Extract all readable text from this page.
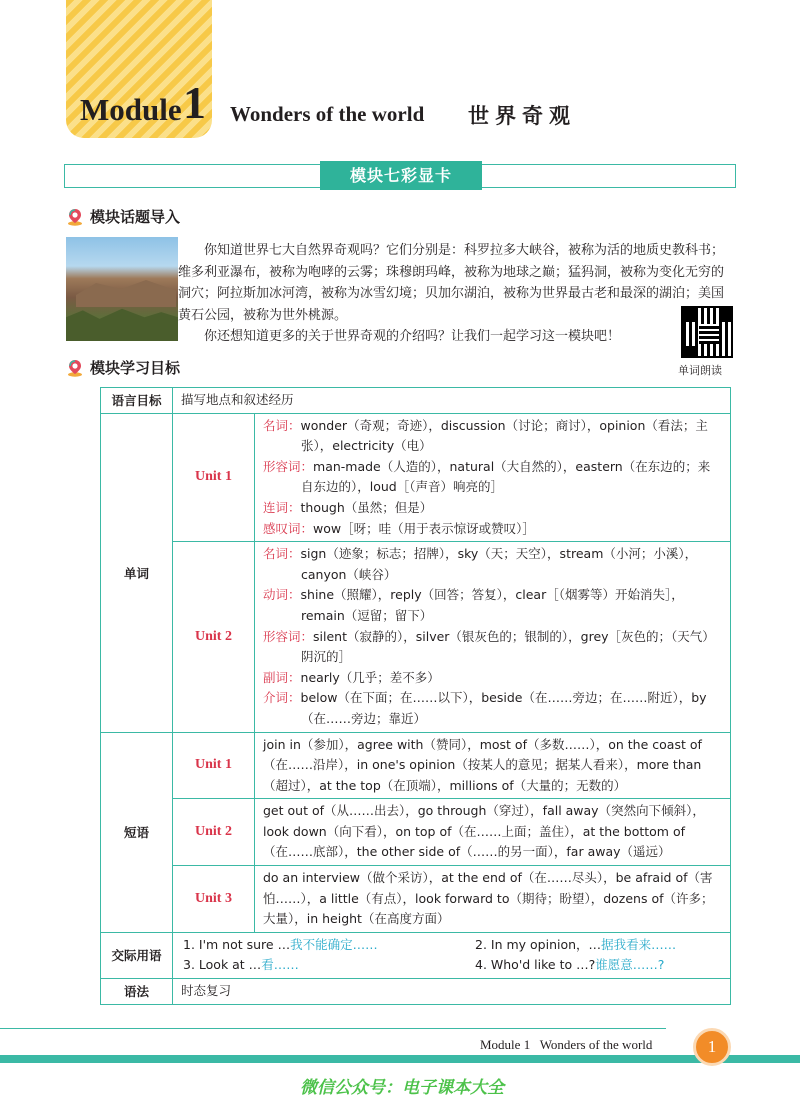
Module 1 Wonders of the world 世界奇观
模块七彩显卡
模块话题导入

你知道世界七大自然界奇观吗？它们分别是：科罗拉多大峡谷，被称为活的地质史教科书；维多利亚瀑布，被称为咆哮的云雾；珠穆朗玛峰，被称为地球之巅；猛犸洞，被称为变化无穷的洞穴；阿拉斯加冰河湾，被称为冰雪幻境；贝加尔湖泊，被称为世界最古老和最深的湖泊；美国黄石公园，被称为世外桃源。

你还想知道更多的关于世界奇观的介绍吗？让我们一起学习这一模块吧！

单词朗读
模块学习目标
语言目标	描写地点和叙述经历	
单词	Unit 1	名词：wonder（奇观；奇迹），discussion（讨论；商讨），opinion（看法；主张），electricity（电）
形容词：man-made（人造的），natural（大自然的），eastern（在东边的；来自东边的），loud［（声音）响亮的］
连词：though（虽然；但是）
感叹词：wow［呀；哇（用于表示惊讶或赞叹）］

	Unit 2	名词：sign（迹象；标志；招牌），sky（天；天空），stream（小河；小溪），canyon（峡谷）
动词：shine（照耀），reply（回答；答复），clear［（烟雾等）开始消失］，remain（逗留；留下）
形容词：silent（寂静的），silver（银灰色的；银制的），grey［灰色的；（天气）阴沉的］
副词：nearly（几乎；差不多）
介词：below（在下面；在……以下），beside（在……旁边；在……附近），by（在……旁边；靠近）

短语	Unit 1	join in（参加），agree with（赞同），most of（多数……），on the coast of（在……沿岸），in one's opinion（按某人的意见；据某人看来），more than（超过），at the top（在顶端），millions of（大量的；无数的）
	Unit 2	get out of（从……出去），go through（穿过），fall away（突然向下倾斜），look down（向下看），on top of（在……上面；盖住），at the bottom of（在……底部），the other side of（……的另一面），far away（遥远）
	Unit 3	do an interview（做个采访），at the end of（在……尽头），be afraid of（害怕……），a little（有点），look forward to（期待；盼望），dozens of（许多；大量），in height（在高度方面）
交际用语	1. I'm not sure …我不能确定…… 2. In my opinion，…据我看来……
3. Look at …看…… 4. Who'd like to …?谁愿意……?	

语法	时态复习	
Module 1   Wonders of the world	1
微信公众号：电子课本大全
